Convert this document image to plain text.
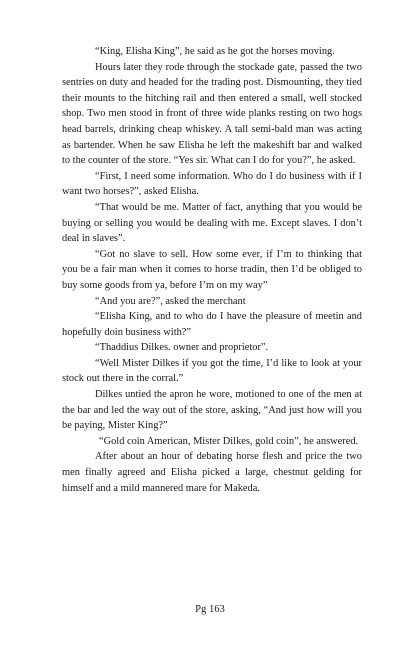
“King, Elisha King”, he said as he got the horses moving.

Hours later they rode through the stockade gate, passed the two sentries on duty and headed for the trading post. Dismounting, they tied their mounts to the hitching rail and then entered a small, well stocked shop. Two men stood in front of three wide planks resting on two hogs head barrels, drinking cheap whiskey. A tall semi-bald man was acting as bartender. When he saw Elisha he left the makeshift bar and walked to the counter of the store. “Yes sir. What can I do for you?”, he asked.

“First, I need some information. Who do I do business with if I want two horses?”, asked Elisha.

“That would be me. Matter of fact, anything that you would be buying or selling you would be dealing with me. Except slaves. I don’t deal in slaves”.

“Got no slave to sell. How some ever, if I’m to thinking that you be a fair man when it comes to horse tradin, then I’d be obliged to buy some goods from ya, before I’m on my way”

“And you are?”, asked the merchant

“Elisha King, and to who do I have the pleasure of meetin and hopefully doin business with?”

“Thaddius Dilkes. owner and proprietor”.

“Well Mister Dilkes if you got the time, I’d like to look at your stock out there in the corral.”

Dilkes untied the apron he wore, motioned to one of the men at the bar and led the way out of the store, asking, “And just how will you be paying, Mister King?”

“Gold coin American, Mister Dilkes, gold coin”, he answered.

After about an hour of debating horse flesh and price the two men finally agreed and Elisha picked a large, chestnut gelding for himself and a mild mannered mare for Makeda.

Pg 163
